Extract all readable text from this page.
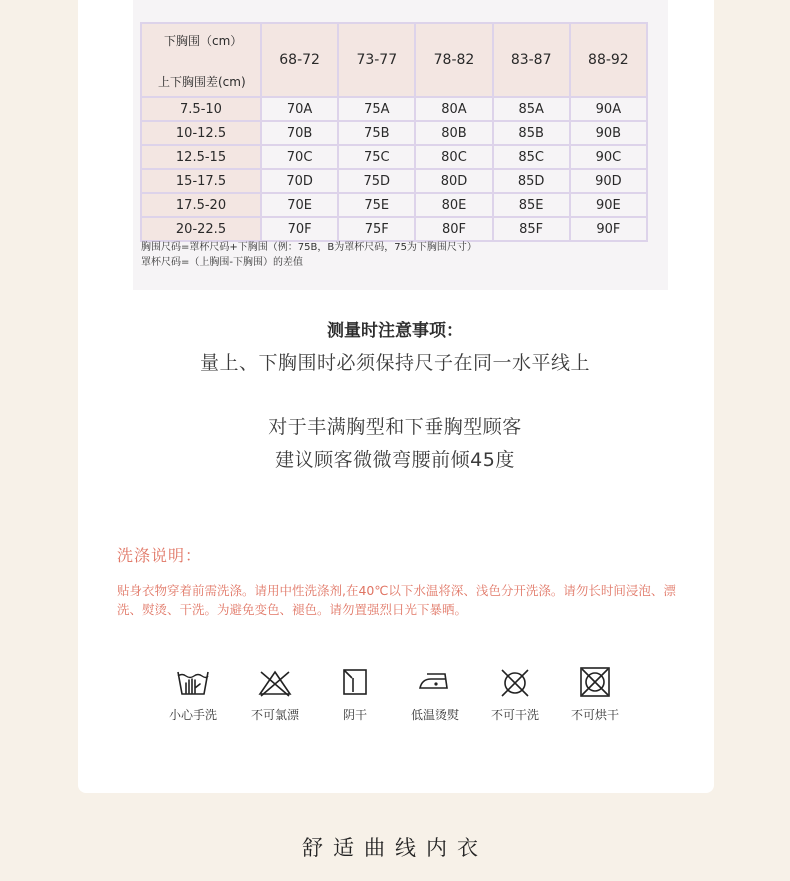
下胸围（cm）
上下胸围差(cm)	68-72	73-77	78-82	83-87	88-92
7.5-10	70A	75A	80A	85A	90A
10-12.5	70B	75B	80B	85B	90B
12.5-15	70C	75C	80C	85C	90C
15-17.5	70D	75D	80D	85D	90D
17.5-20	70E	75E	80E	85E	90E
20-22.5	70F	75F	80F	85F	90F
胸围尺码=罩杯尺码+下胸围（例：75B，B为罩杯尺码，75为下胸围尺寸）
罩杯尺码=（上胸围-下胸围）的差值
测量时注意事项：
量上、下胸围时必须保持尺子在同一水平线上
对于丰满胸型和下垂胸型顾客
建议顾客微微弯腰前倾45度
洗涤说明：
贴身衣物穿着前需洗涤。请用中性洗涤剂,在40℃以下水温将深、浅色分开洗涤。请勿长时间浸泡、漂洗、熨烫、干洗。为避免变色、褪色。请勿置强烈日光下暴晒。
小心手洗	不可氯漂	阴干	低温烫熨	不可干洗	不可烘干
舒适曲线内衣
